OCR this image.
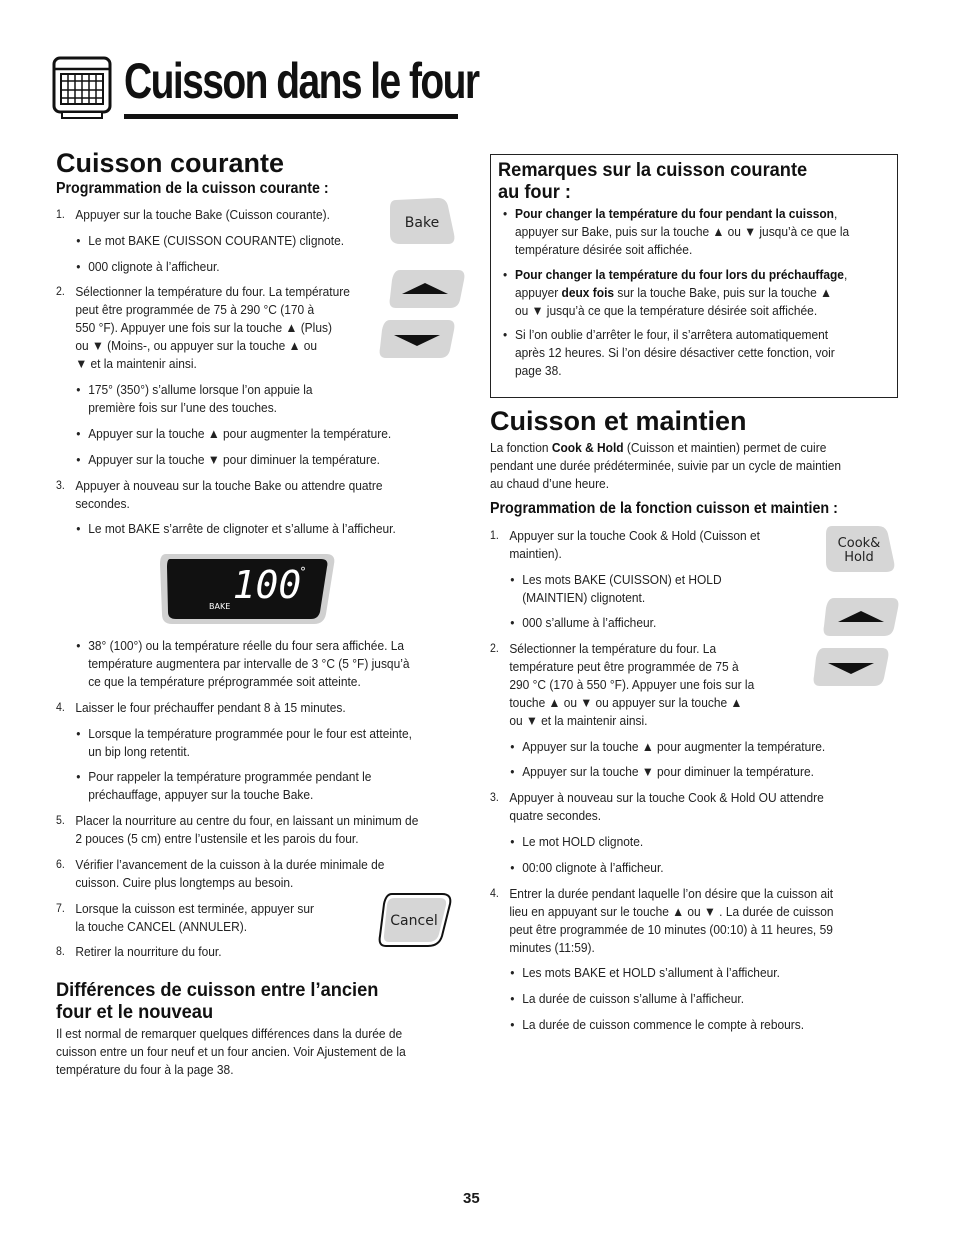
Cuisson dans le four
Cuisson courante
Programmation de la cuisson courante :
1. Appuyer sur la touche Bake (Cuisson courante).
• Le mot BAKE (CUISSON COURANTE) clignote.
• 000 clignote à l’afficheur.
2. Sélectionner la température du four. La température
peut être programmée de 75 à 290 °C (170 à
550 °F). Appuyer une fois sur la touche ▲ (Plus)
ou ▼ (Moins-, ou appuyer sur la touche ▲ ou
▼ et la maintenir ainsi.
• 175° (350°) s’allume lorsque l’on appuie la
première fois sur l’une des touches.
• Appuyer sur la touche ▲ pour augmenter la température.
• Appuyer sur la touche ▼ pour diminuer la température.
3. Appuyer à nouveau sur la touche Bake ou attendre quatre
secondes.
• Le mot BAKE s’arrête de clignoter et s’allume à l’afficheur.
• 38° (100°) ou la température réelle du four sera affichée. La
température augmentera par intervalle de 3 °C (5 °F) jusqu’à
ce que la température préprogrammée soit atteinte.
4. Laisser le four préchauffer pendant 8 à 15 minutes.
• Lorsque la température programmée pour le four est atteinte,
un bip long retentit.
• Pour rappeler la température programmée pendant le
préchauffage, appuyer sur la touche Bake.
5. Placer la nourriture au centre du four, en laissant un minimum de
2 pouces (5 cm) entre l’ustensile et les parois du four.
6. Vérifier l’avancement de la cuisson à la durée minimale de
cuisson. Cuire plus longtemps au besoin.
7. Lorsque la cuisson est terminée, appuyer sur
la touche CANCEL (ANNULER).
8. Retirer la nourriture du four.
Bake
100
°
BAKE
Cancel
Différences de cuisson entre l’ancien
four et le nouveau
Il est normal de remarquer quelques différences dans la durée de
cuisson entre un four neuf et un four ancien. Voir Ajustement de la
température du four à la page 38.
Remarques sur la cuisson courante
au four :
Pour changer la température du four pendant la cuisson,
appuyer sur Bake, puis sur la touche ▲ ou ▼ jusqu’à ce que la
température désirée soit affichée.
Pour changer la température du four lors du préchauffage,
appuyer deux fois sur la touche Bake, puis sur la touche ▲
ou ▼ jusqu’à ce que la température désirée soit affichée.
Si l’on oublie d’arrêter le four, il s’arrêtera automatiquement
après 12 heures. Si l’on désire désactiver cette fonction, voir
page 38.
Cuisson et maintien
La fonction Cook & Hold (Cuisson et maintien) permet de cuire
pendant une durée prédéterminée, suivie par un cycle de maintien
au chaud d’une heure.
Programmation de la fonction cuisson et maintien :
1. Appuyer sur la touche Cook & Hold (Cuisson et
maintien).
• Les mots BAKE (CUISSON) et HOLD
(MAINTIEN) clignotent.
• 000 s’allume à l’afficheur.
2. Sélectionner la température du four. La
température peut être programmée de 75 à
290 °C (170 à 550 °F). Appuyer une fois sur la
touche ▲ ou ▼ ou appuyer sur la touche ▲
ou ▼ et la maintenir ainsi.
• Appuyer sur la touche ▲ pour augmenter la température.
• Appuyer sur la touche ▼ pour diminuer la température.
3. Appuyer à nouveau sur la touche Cook & Hold OU attendre
quatre secondes.
• Le mot HOLD clignote.
• 00:00 clignote à l’afficheur.
4. Entrer la durée pendant laquelle l’on désire que la cuisson ait
lieu en appuyant sur le touche ▲ ou ▼ . La durée de cuisson
peut être programmée de 10 minutes (00:10) à 11 heures, 59
minutes (11:59).
• Les mots BAKE et HOLD s’allument à l’afficheur.
• La durée de cuisson s’allume à l’afficheur.
• La durée de cuisson commence le compte à rebours.
Cook&
Hold
35
